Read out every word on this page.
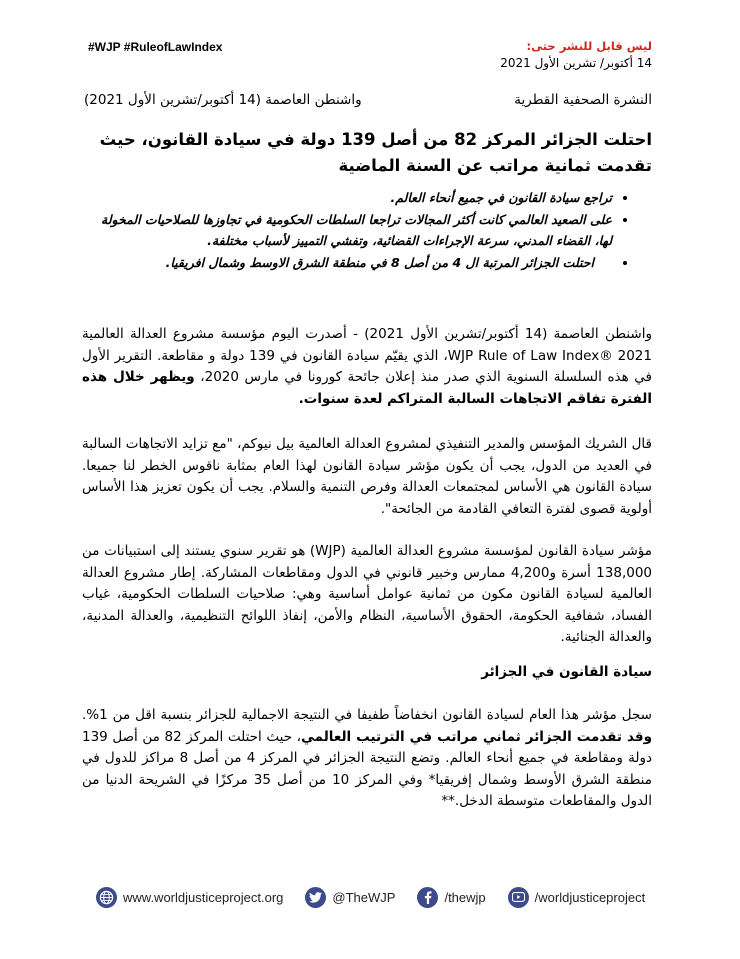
#WJP #RuleofLawIndex	ليس قابل للنشر حتى:
14 أكتوبر/ تشرين الأول 2021
النشرة الصحفية القطرية
واشنطن العاصمة (14 أكتوبر/تشرين الأول 2021)
احتلت الجزائر المركز 82 من أصل 139 دولة في سيادة القانون، حيث تقدمت ثمانية مراتب عن السنة الماضية
• تراجع سيادة القانون في جميع أنحاء العالم.
• على الصعيد العالمي كانت أكثر المجالات تراجعا السلطات الحكومية في تجاوزها للصلاحيات المخولة لها، القضاء المدني، سرعة الإجراءات القضائية، وتفشي التمييز لأسباب مختلفة.
• احتلت الجزائر المرتبة ال 4 من أصل 8 في منطقة الشرق الاوسط وشمال افريقيا.
واشنطن العاصمة (14 أكتوبر/تشرين الأول 2021) - أصدرت اليوم مؤسسة مشروع العدالة العالمية WJP Rule of Law Index® 2021، الذي يقيّم سيادة القانون في 139 دولة و مقاطعة. التقرير الأول في هذه السلسلة السنوية الذي صدر منذ إعلان جائحة كورونا في مارس 2020، ويظهر خلال هذه الفترة تفاقم الاتجاهات السالبة المتراكم لعدة سنوات.
قال الشريك المؤسس والمدير التنفيذي لمشروع العدالة العالمية بيل نيوكم، "مع تزايد الاتجاهات السالبة في العديد من الدول، يجب أن يكون مؤشر سيادة القانون لهذا العام بمثابة ناقوس الخطر لنا جميعا. سيادة القانون هي الأساس لمجتمعات العدالة وفرص التنمية والسلام. يجب أن يكون تعزيز هذا الأساس أولوية قصوى لفترة التعافي القادمة من الجائحة".
مؤشر سيادة القانون لمؤسسة مشروع العدالة العالمية (WJP) هو تقرير سنوي يستند إلى استبيانات من 138,000 أسرة و4,200 ممارس وخبير قانوني في الدول ومقاطعات المشاركة. إطار مشروع العدالة العالمية لسيادة القانون مكون من ثمانية عوامل أساسية وهي: صلاحيات السلطات الحكومية، غياب الفساد، شفافية الحكومة، الحقوق الأساسية، النظام والأمن، إنفاذ اللوائح التنظيمية، والعدالة المدنية، والعدالة الجنائية.
سيادة القانون في الجزائر
سجل مؤشر هذا العام لسيادة القانون انخفاضاً طفيفا في النتيجة الاجمالية للجزائر بنسبة اقل من 1%. وقد تقدمت الجزائر ثماني مراتب في الترتيب العالمي، حيث احتلت المركز 82 من أصل 139 دولة ومقاطعة في جميع أنحاء العالم. وتضع النتيجة الجزائر في المركز 4 من أصل 8 مراكز للدول في منطقة الشرق الأوسط وشمال إفريقيا* وفي المركز 10 من أصل 35 مركزًا في الشريحة الدنيا من الدول والمقاطعات متوسطة الدخل.**
www.worldjusticeproject.org	@TheWJP	/thewjp	/worldjusticeproject
